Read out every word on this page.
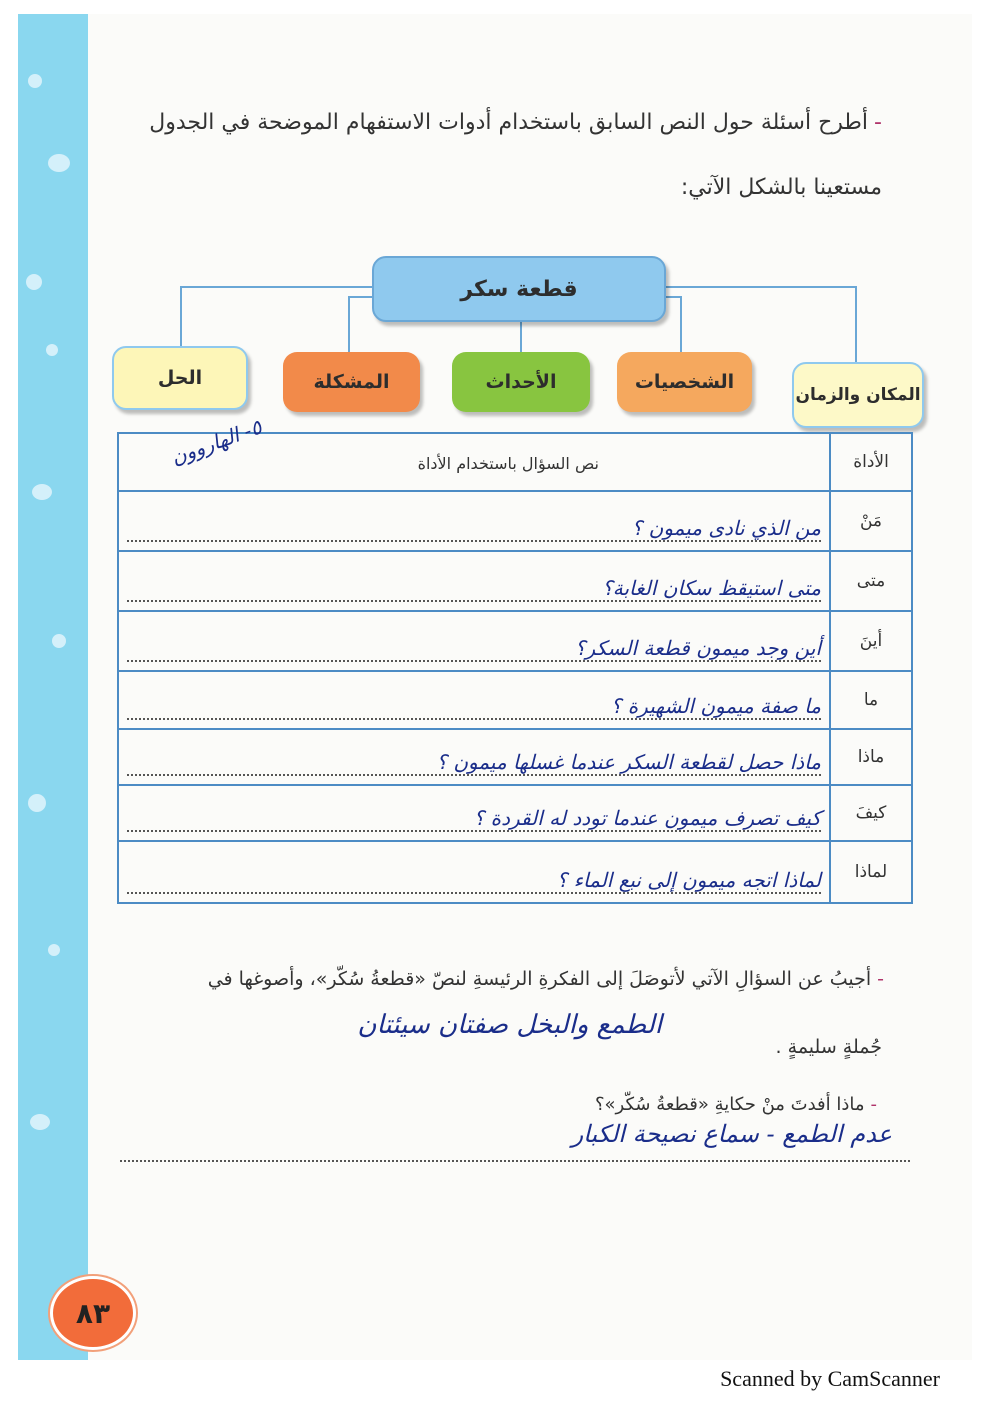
-أطرح أسئلة حول النص السابق باستخدام أدوات الاستفهام الموضحة في الجدول
مستعينا بالشكل الآتي:
قطعة سكر
المكان والزمان
الشخصيات
الأحداث
المشكلة
الحل
الأداة	نص السؤال باستخدام الأداة
٥- الهاروون

مَنْ	من الذي نادى ميمون ؟

متى	متى استيقظ سكان الغابة؟

أينَ	أين وجد ميمون قطعة السكر؟

ما	ما صفة ميمون الشهيرة ؟

ماذا	ماذا حصل لقطعة السكر عندما غسلها ميمون ؟

كيفَ	كيف تصرف ميمون عندما تودد له القردة ؟

لماذا	لماذا اتجه ميمون إلى نبع الماء ؟
-أجيبُ عن السؤالِ الآتي لأتوصَلَ إلى الفكرةِ الرئيسةِ لنصّ «قطعةُ سُكّر»، وأصوغها في
جُملةٍ سليمةٍ .
الطمع والبخل صفتان سيئتان
-ماذا أفدتَ منْ حكايةِ «قطعةُ سُكّر»؟
عدم الطمع - سماع نصيحة الكبار
٨٣
Scanned by CamScanner
